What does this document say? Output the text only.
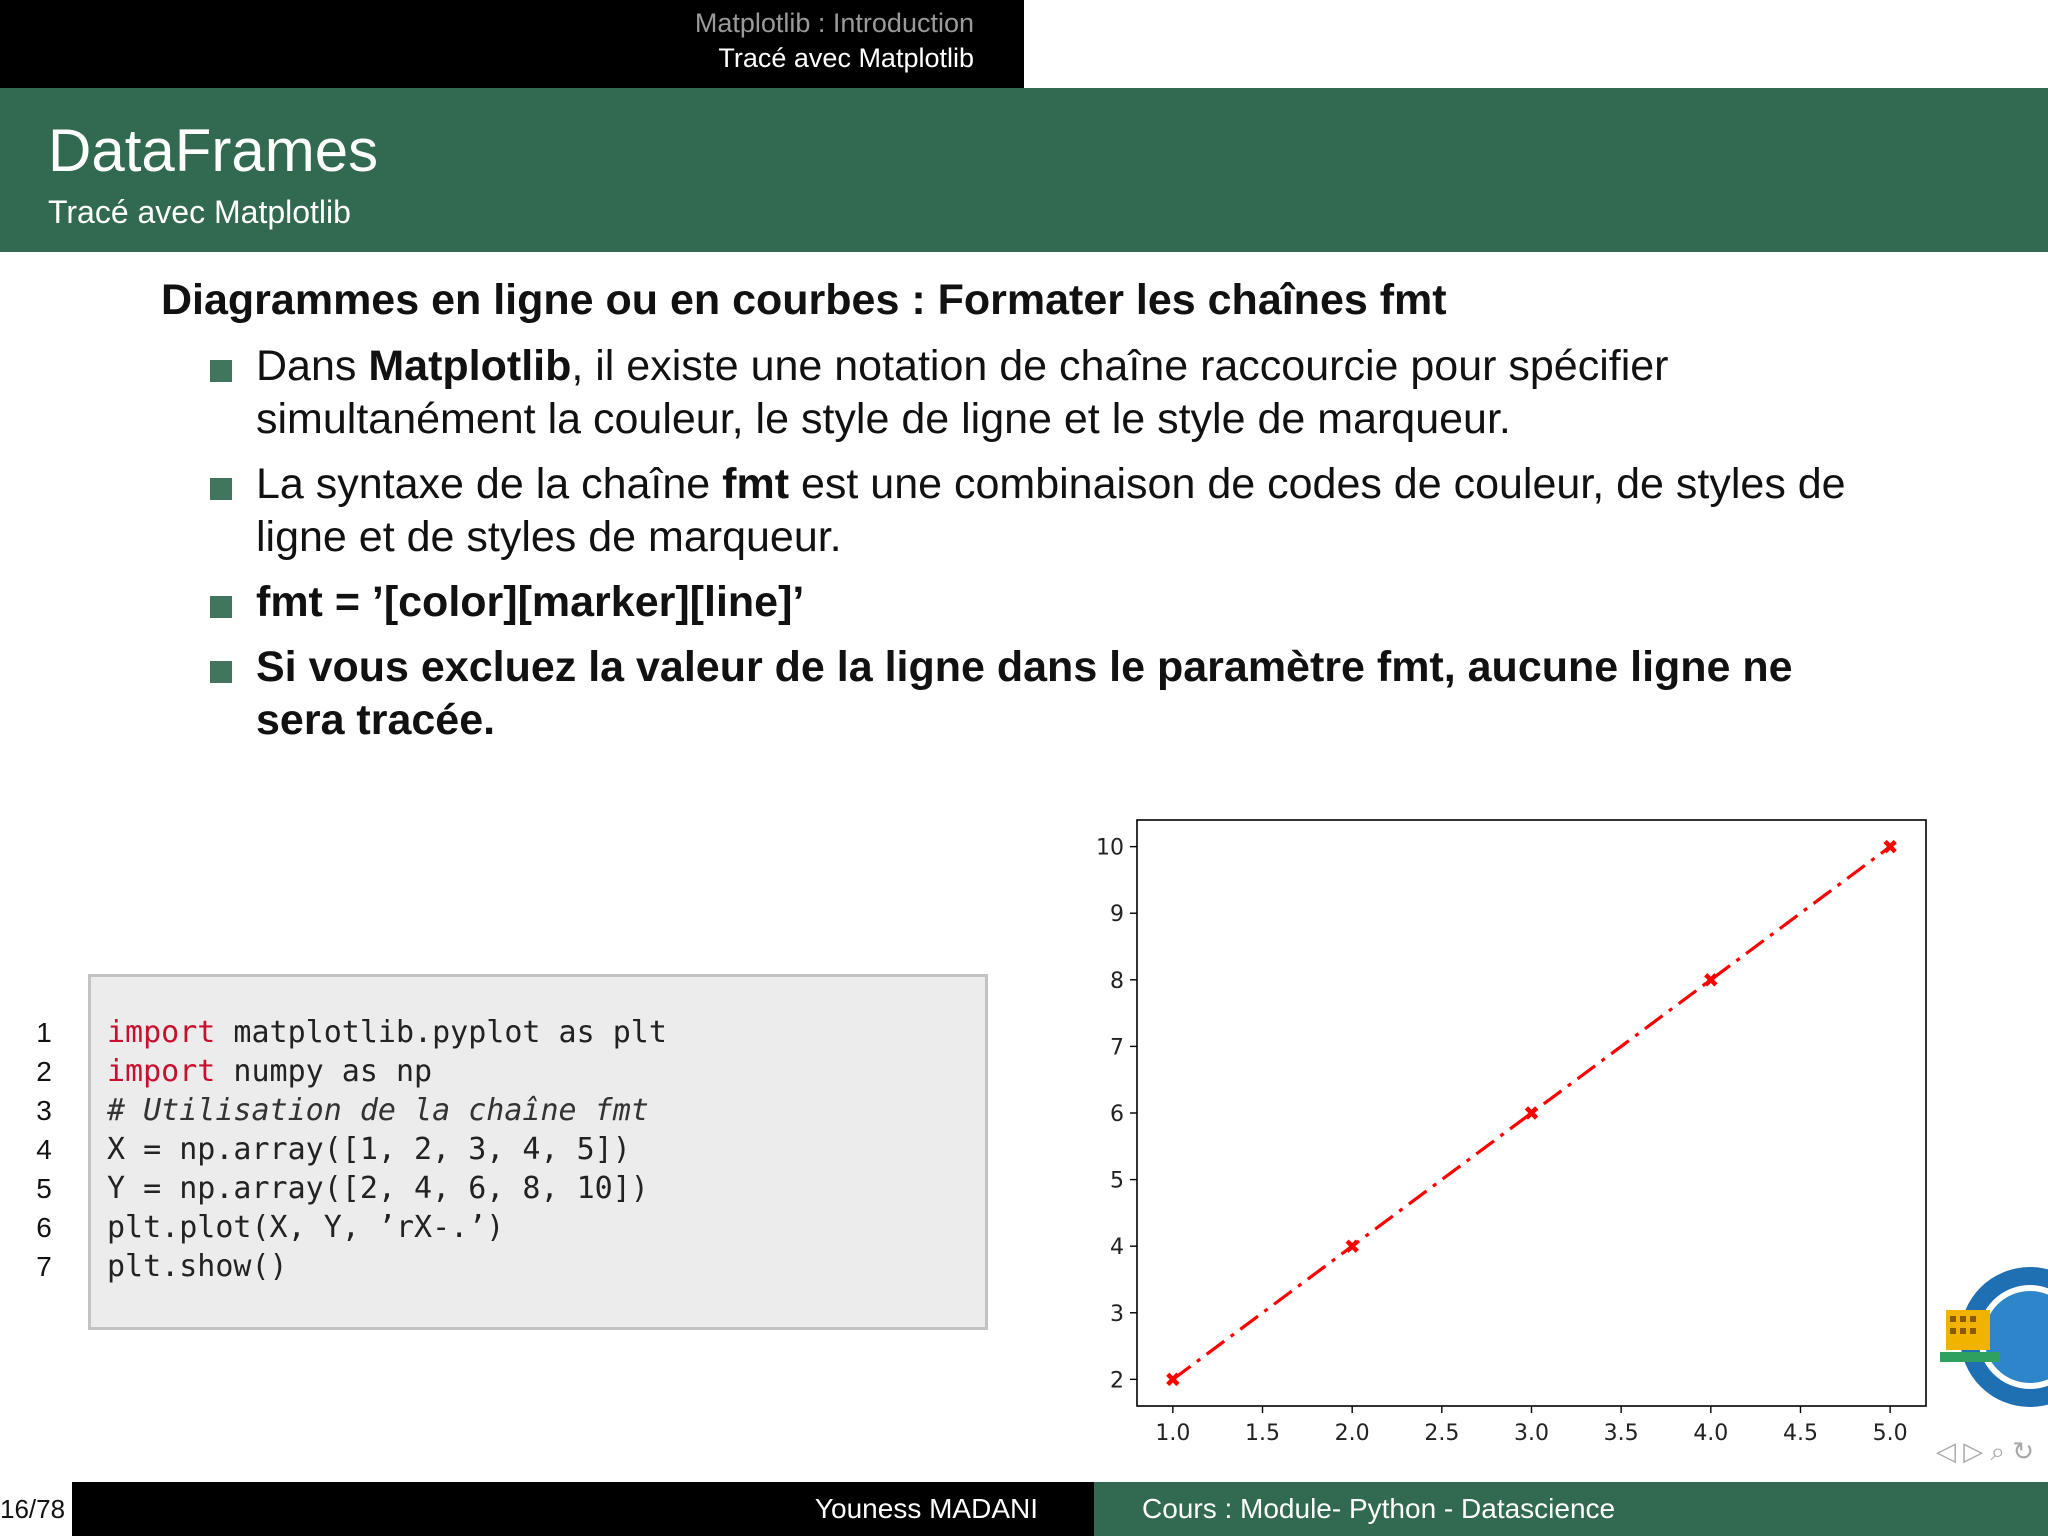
Matplotlib : Introduction
Tracé avec Matplotlib
DataFrames
Tracé avec Matplotlib
Diagrammes en ligne ou en courbes : Formater les chaînes fmt
Dans Matplotlib, il existe une notation de chaîne raccourcie pour spécifier simultanément la couleur, le style de ligne et le style de marqueur.
La syntaxe de la chaîne fmt est une combinaison de codes de couleur, de styles de ligne et de styles de marqueur.
fmt = ’[color][marker][line]’
Si vous excluez la valeur de la ligne dans le paramètre fmt, aucune ligne ne sera tracée.
1 import matplotlib.pyplot as plt
2 import numpy as np
3 # Utilisation de la chaîne fmt
4 X = np.array([1, 2, 3, 4, 5])
5 Y = np.array([2, 4, 6, 8, 10])
6 plt.plot(X, Y, ’rX-.’)
7 plt.show()
1.0 1.5 2.0 2.5 3.0 3.5 4.0 4.5 5.0
2
3
4
5
6
7
8
9
10
◁ ▷ ⌕ ↻
16/78	Youness MADANI	Cours : Module- Python - Datascience
